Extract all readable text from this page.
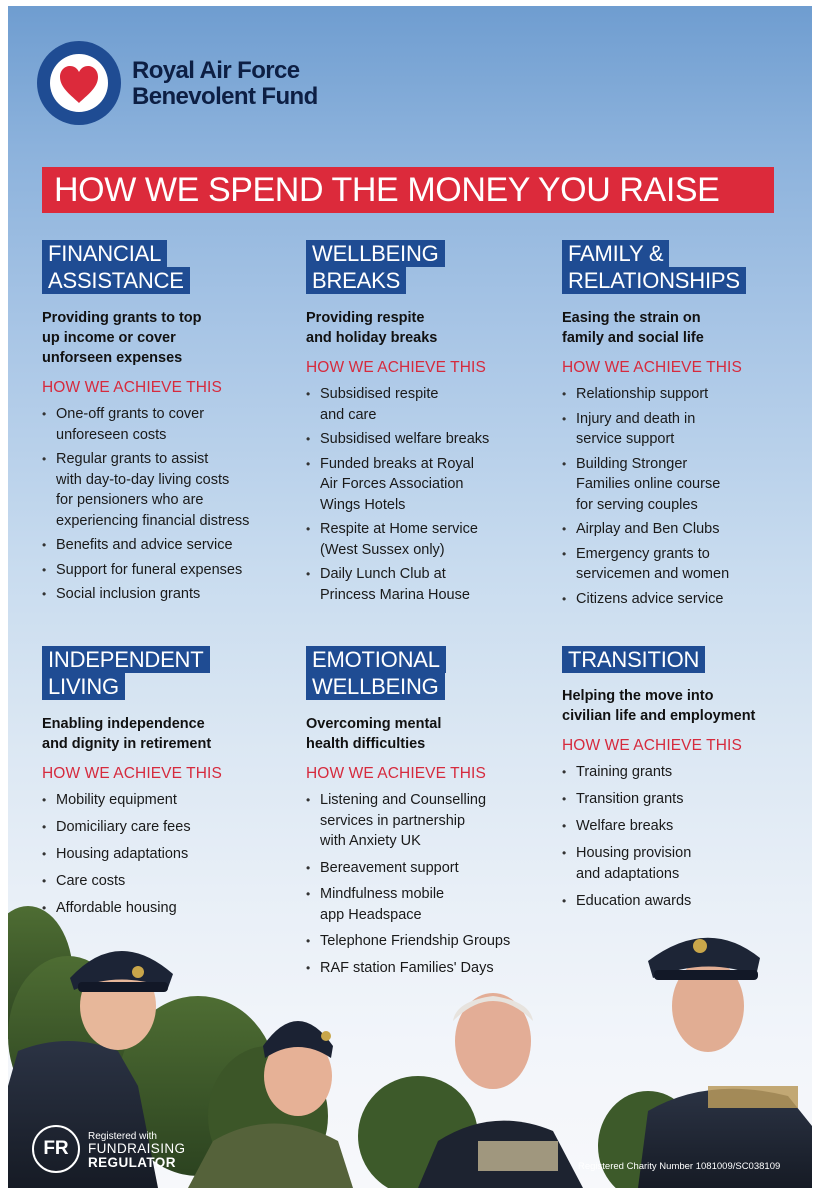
Royal Air Force
Benevolent Fund
HOW WE SPEND THE MONEY YOU RAISE
FINANCIAL
ASSISTANCE
Providing grants to top
up income or cover
unforseen expenses
HOW WE ACHIEVE THIS
• One-off grants to cover
unforeseen costs
• Regular grants to assist
with day-to-day living costs
for pensioners who are
experiencing financial distress
• Benefits and advice service
• Support for funeral expenses
• Social inclusion grants
WELLBEING
BREAKS
Providing respite
and holiday breaks
HOW WE ACHIEVE THIS
• Subsidised respite
and care
• Subsidised welfare breaks
• Funded breaks at Royal
Air Forces Association
Wings Hotels
• Respite at Home service
(West Sussex only)
• Daily Lunch Club at
Princess Marina House
FAMILY &
RELATIONSHIPS
Easing the strain on
family and social life
HOW WE ACHIEVE THIS
• Relationship support
• Injury and death in
service support
• Building Stronger
Families online course
for serving couples
• Airplay and Ben Clubs
• Emergency grants to
servicemen and women
• Citizens advice service
INDEPENDENT
LIVING
Enabling independence
and dignity in retirement
HOW WE ACHIEVE THIS
• Mobility equipment
• Domiciliary care fees
• Housing adaptations
• Care costs
• Affordable housing
EMOTIONAL
WELLBEING
Overcoming mental
health difficulties
HOW WE ACHIEVE THIS
• Listening and Counselling
services in partnership
with Anxiety UK
• Bereavement support
• Mindfulness mobile
app Headspace
• Telephone Friendship Groups
• RAF station Families' Days
TRANSITION
Helping the move into
civilian life and employment
HOW WE ACHIEVE THIS
• Training grants
• Transition grants
• Welfare breaks
• Housing provision
and adaptations
• Education awards
FR
Registered with
FUNDRAISING
REGULATOR	Registered Charity Number 1081009/SC038109
